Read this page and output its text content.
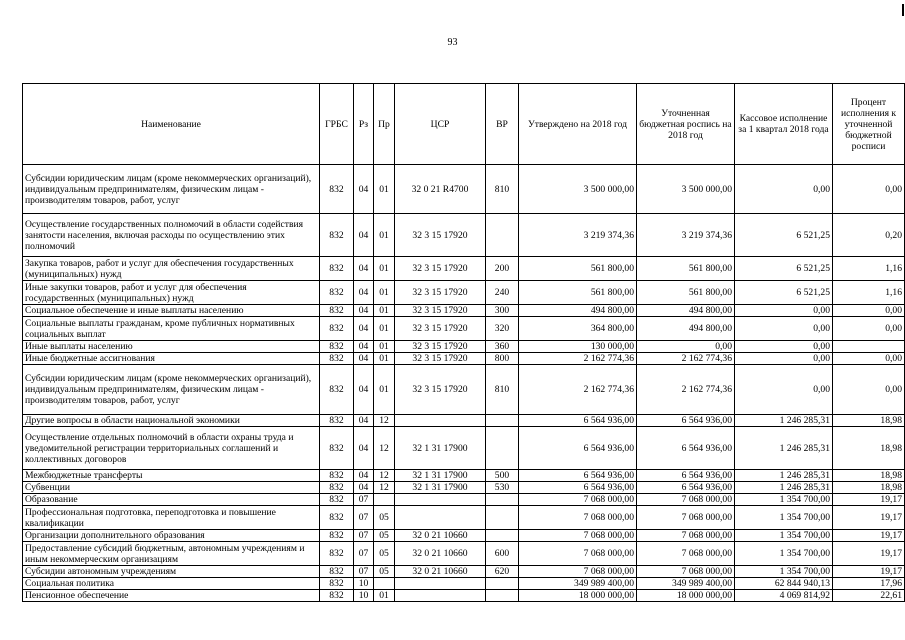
93
Наименование	ГРБС	Рз	Пр	ЦСР	ВР	Утверждено на 2018 год	Уточненная бюджетная роспись на 2018 год	Кассовое исполнение за 1 квартал 2018 года	Процент исполнения к уточненной бюджетной росписи
Субсидии юридическим лицам (кроме некоммерческих организаций), индивидуальным предпринимателям, физическим лицам - производителям товаров, работ, услуг	832	04	01	32 0 21 R4700	810	3 500 000,00	3 500 000,00	0,00	0,00
Осуществление государственных полномочий в области содействия занятости населения, включая расходы по осуществлению этих полномочий	832	04	01	32 3 15 17920		3 219 374,36	3 219 374,36	6 521,25	0,20
Закупка товаров, работ и услуг для обеспечения государственных (муниципальных) нужд	832	04	01	32 3 15 17920	200	561 800,00	561 800,00	6 521,25	1,16
Иные закупки товаров, работ и услуг для обеспечения государственных (муниципальных) нужд	832	04	01	32 3 15 17920	240	561 800,00	561 800,00	6 521,25	1,16
Социальное обеспечение и иные выплаты населению	832	04	01	32 3 15 17920	300	494 800,00	494 800,00	0,00	0,00
Социальные выплаты гражданам, кроме публичных нормативных социальных выплат	832	04	01	32 3 15 17920	320	364 800,00	494 800,00	0,00	0,00
Иные выплаты населению	832	04	01	32 3 15 17920	360	130 000,00	0,00	0,00	
Иные бюджетные ассигнования	832	04	01	32 3 15 17920	800	2 162 774,36	2 162 774,36	0,00	0,00
Субсидии юридическим лицам (кроме некоммерческих организаций), индивидуальным предпринимателям, физическим лицам - производителям товаров, работ, услуг	832	04	01	32 3 15 17920	810	2 162 774,36	2 162 774,36	0,00	0,00
Другие вопросы в области национальной экономики	832	04	12			6 564 936,00	6 564 936,00	1 246 285,31	18,98
Осуществление отдельных полномочий в области охраны труда и уведомительной регистрации территориальных соглашений и коллективных договоров	832	04	12	32 1 31 17900		6 564 936,00	6 564 936,00	1 246 285,31	18,98
Межбюджетные трансферты	832	04	12	32 1 31 17900	500	6 564 936,00	6 564 936,00	1 246 285,31	18,98
Субвенции	832	04	12	32 1 31 17900	530	6 564 936,00	6 564 936,00	1 246 285,31	18,98
Образование	832	07				7 068 000,00	7 068 000,00	1 354 700,00	19,17
Профессиональная подготовка, переподготовка и повышение квалификации	832	07	05			7 068 000,00	7 068 000,00	1 354 700,00	19,17
Организации дополнительного образования	832	07	05	32 0 21 10660		7 068 000,00	7 068 000,00	1 354 700,00	19,17
Предоставление субсидий бюджетным, автономным учреждениям и иным некоммерческим организациям	832	07	05	32 0 21 10660	600	7 068 000,00	7 068 000,00	1 354 700,00	19,17
Субсидии автономным учреждениям	832	07	05	32 0 21 10660	620	7 068 000,00	7 068 000,00	1 354 700,00	19,17
Социальная политика	832	10				349 989 400,00	349 989 400,00	62 844 940,13	17,96
Пенсионное обеспечение	832	10	01			18 000 000,00	18 000 000,00	4 069 814,92	22,61
